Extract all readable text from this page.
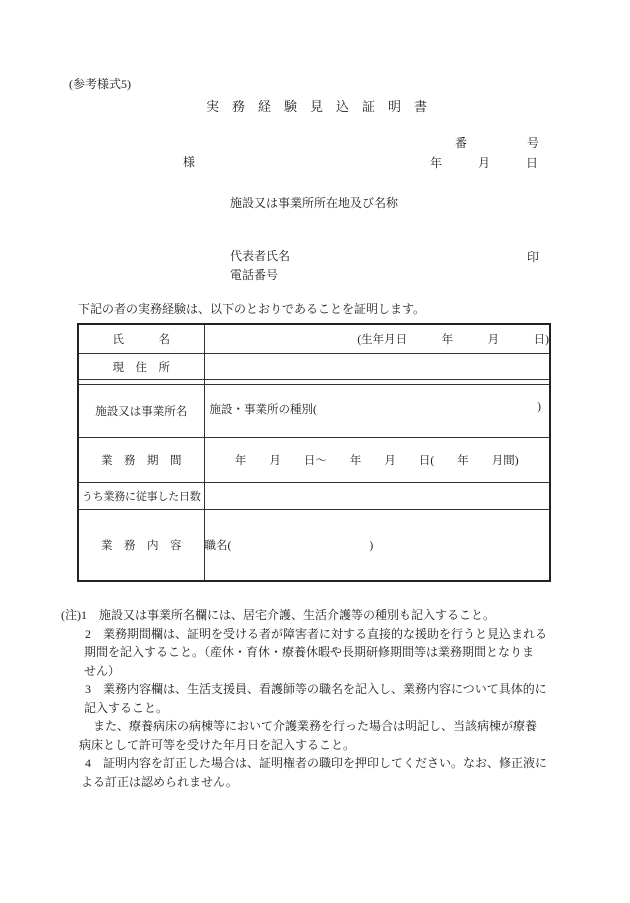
(参考様式5)
実　務　経　験　見　込　証　明　書
番　　　　　号
様	年　　　月　　　日
施設又は事業所所在地及び名称
代表者氏名	印
電話番号
下記の者の実務経験は、以下のとおりであることを証明します。
氏　　　名	(生年月日　　　年　　　月　　　日)
現　住　所	

施設又は事業所名	施設・事業所の種別( )

業　務　期　間	年　　月　　日～　　年　　月　　日(　　年　　月間)
うち業務に従事した日数	
業　務　内　容	職名(　　　　　　　　　　　　)
(注)1　施設又は事業所名欄には、居宅介護、生活介護等の種別も記入すること。
2　業務期間欄は、証明を受ける者が障害者に対する直接的な援助を行うと見込まれる
期間を記入すること。（産休・育休・療養休暇や長期研修期間等は業務期間となりま
せん）
3　業務内容欄は、生活支援員、看護師等の職名を記入し、業務内容について具体的に
記入すること。
また、療養病床の病棟等において介護業務を行った場合は明記し、当該病棟が療養
病床として許可等を受けた年月日を記入すること。
4　証明内容を訂正した場合は、証明権者の職印を押印してください。なお、修正液に
よる訂正は認められません。
